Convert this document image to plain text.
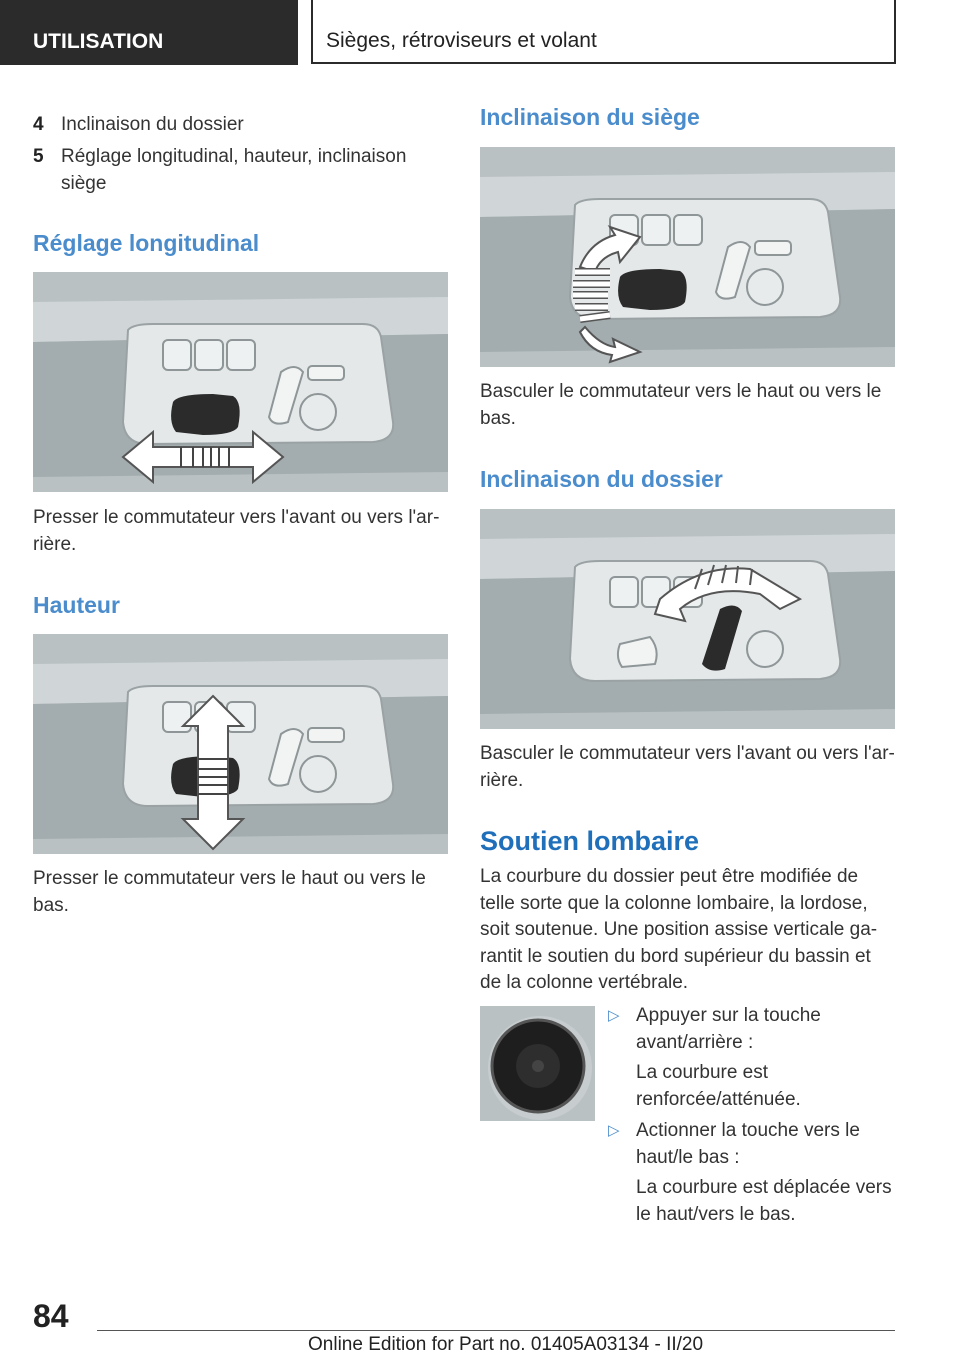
UTILISATION	Sièges, rétroviseurs et volant
4 Inclinaison du dossier
5 Réglage longitudinal, hauteur, inclinaison siège
Réglage longitudinal
Presser le commutateur vers l'avant ou vers l'ar‐rière.
Hauteur
Presser le commutateur vers le haut ou vers le bas.
Inclinaison du siège
Basculer le commutateur vers le haut ou vers le bas.
Inclinaison du dossier
Basculer le commutateur vers l'avant ou vers l'ar‐rière.
Soutien lombaire
La courbure du dossier peut être modifiée de telle sorte que la colonne lombaire, la lordose, soit soutenue. Une position assise verticale ga‐rantit le soutien du bord supérieur du bassin et de la colonne vertébrale.
▷ Appuyer sur la touche avant/arrière :
La courbure est renforcée/atténuée.
▷ Actionner la touche vers le haut/le bas :
La courbure est déplacée vers le haut/vers le bas.
84
Online Edition for Part no. 01405A03134 - II/20
